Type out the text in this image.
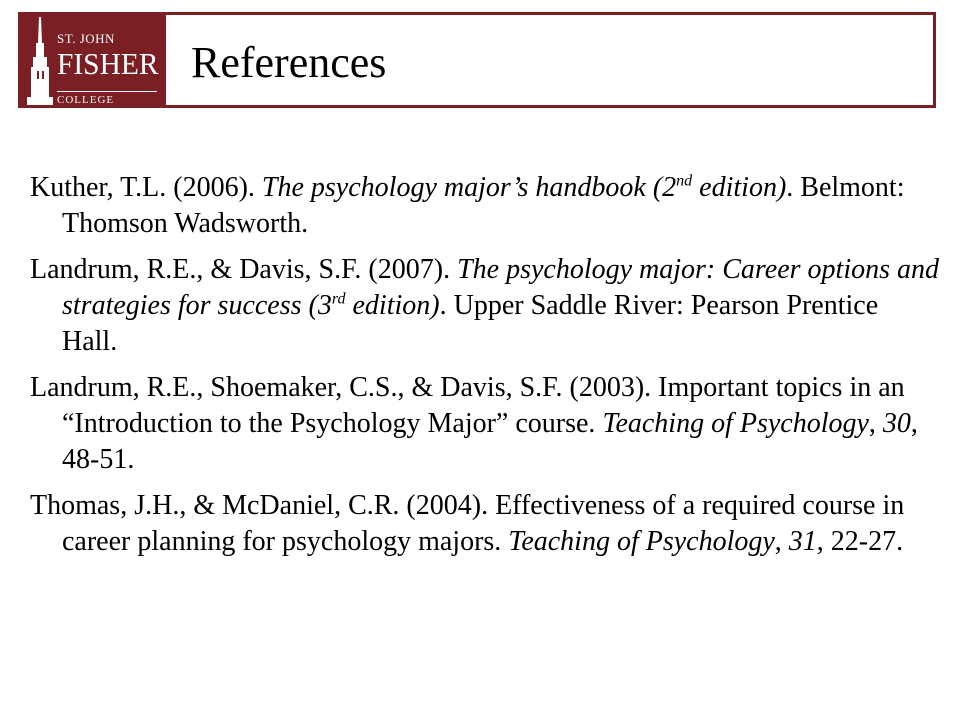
ST. JOHN
FISHER
COLLEGE
References

Kuther, T.L. (2006). The psychology major’s handbook (2nd edition). Belmont: Thomson Wadsworth.

Landrum, R.E., & Davis, S.F. (2007). The psychology major: Career options and strategies for success (3rd edition). Upper Saddle River: Pearson Prentice Hall.

Landrum, R.E., Shoemaker, C.S., & Davis, S.F. (2003). Important topics in an “Introduction to the Psychology Major” course. Teaching of Psychology, 30, 48-51.

Thomas, J.H., & McDaniel, C.R. (2004). Effectiveness of a required course in career planning for psychology majors. Teaching of Psychology, 31, 22-27.
